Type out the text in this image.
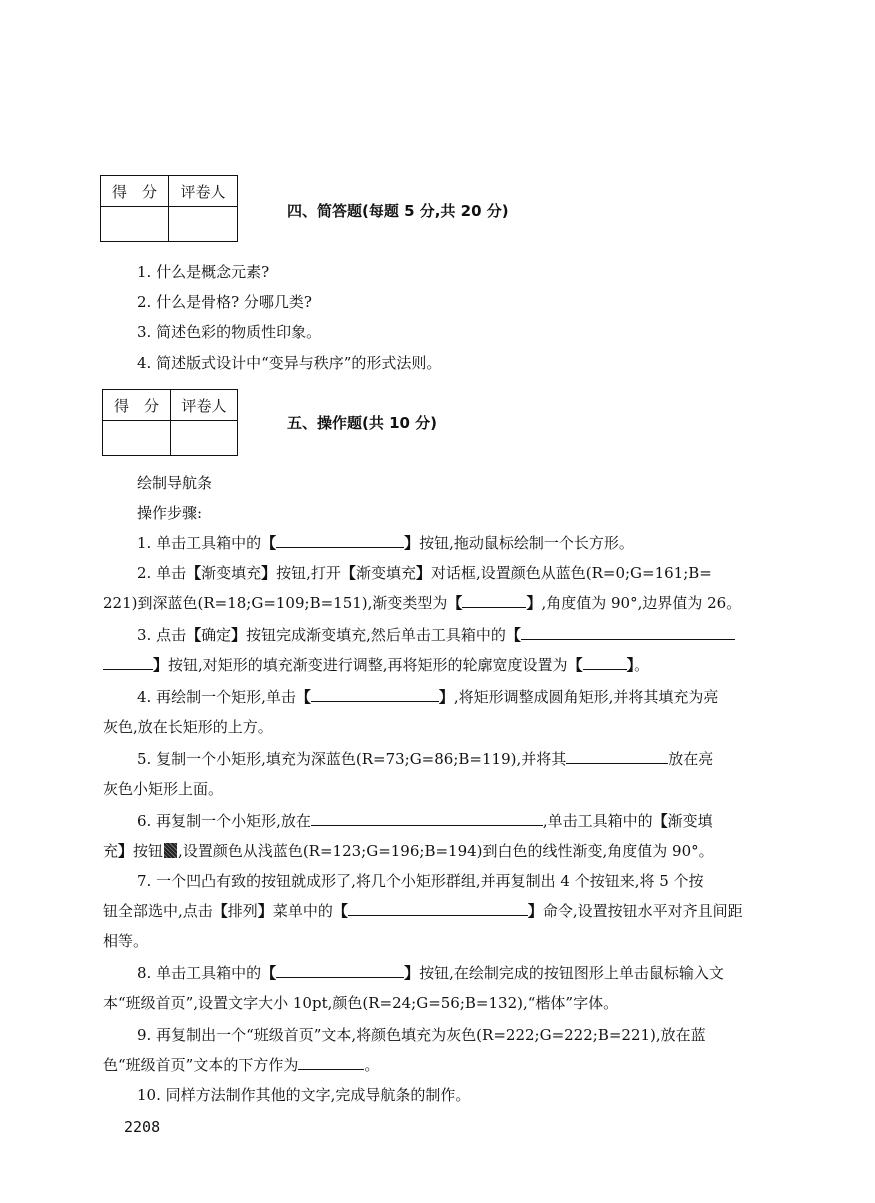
得　分	评卷人

四、简答题(每题 5 分,共 20 分)
1. 什么是概念元素?
2. 什么是骨格? 分哪几类?
3. 简述色彩的物质性印象。
4. 简述版式设计中“变异与秩序”的形式法则。
得　分	评卷人

五、操作题(共 10 分)
绘制导航条
操作步骤:
1. 单击工具箱中的【	】按钮,拖动鼠标绘制一个长方形。
2. 单击【渐变填充】按钮,打开【渐变填充】对话框,设置颜色从蓝色(R=0;G=161;B=
221)到深蓝色(R=18;G=109;B=151),渐变类型为【	】,角度值为 90°,边界值为 26。
3. 点击【确定】按钮完成渐变填充,然后单击工具箱中的【
】按钮,对矩形的填充渐变进行调整,再将矩形的轮廓宽度设置为【	】。
4. 再绘制一个矩形,单击【	】,将矩形调整成圆角矩形,并将其填充为亮
灰色,放在长矩形的上方。
5. 复制一个小矩形,填充为深蓝色(R=73;G=86;B=119),并将其	放在亮
灰色小矩形上面。
6. 再复制一个小矩形,放在	,单击工具箱中的【渐变填
充】按钮 ,设置颜色从浅蓝色(R=123;G=196;B=194)到白色的线性渐变,角度值为 90°。
7. 一个凹凸有致的按钮就成形了,将几个小矩形群组,并再复制出 4 个按钮来,将 5 个按
钮全部选中,点击【排列】菜单中的【	】命令,设置按钮水平对齐且间距
相等。
8. 单击工具箱中的【	】按钮,在绘制完成的按钮图形上单击鼠标输入文
本“班级首页”,设置文字大小 10pt,颜色(R=24;G=56;B=132),“楷体”字体。
9. 再复制出一个“班级首页”文本,将颜色填充为灰色(R=222;G=222;B=221),放在蓝
色“班级首页”文本的下方作为	。
10. 同样方法制作其他的文字,完成导航条的制作。
2208
